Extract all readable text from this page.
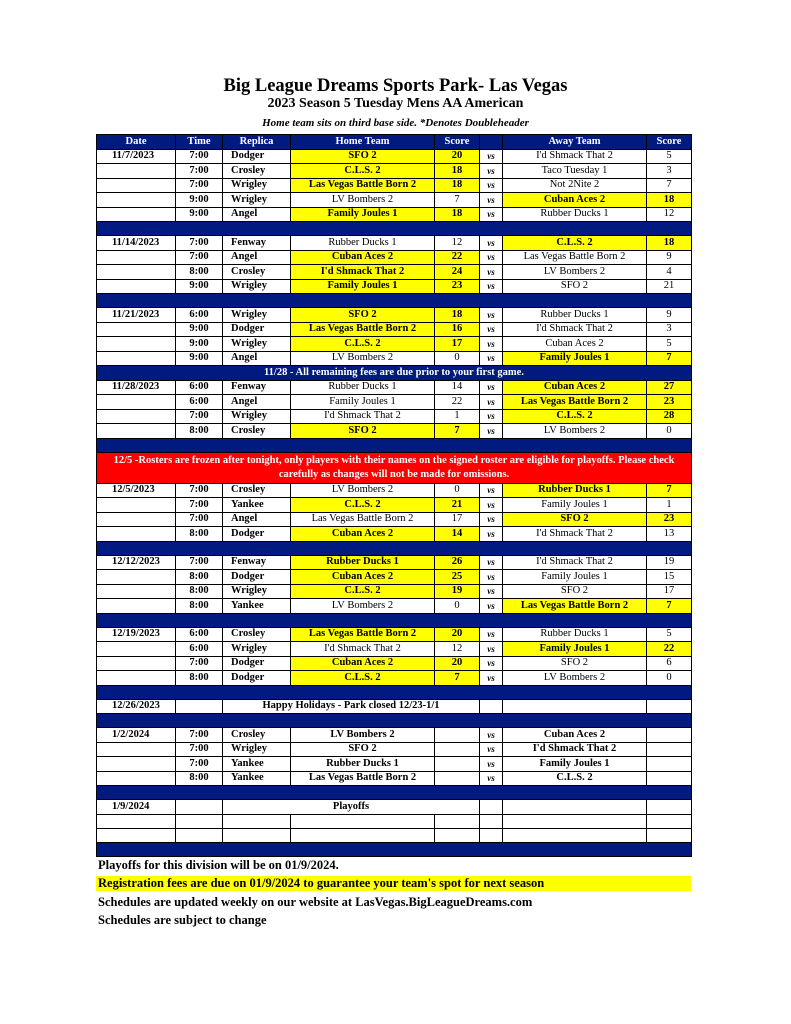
Big League Dreams Sports Park- Las Vegas
2023 Season 5 Tuesday Mens AA American
Home team sits on third base side. *Denotes Doubleheader
Date	Time	Replica	Home Team	Score		Away Team	Score
11/7/2023	7:00	Dodger	SFO 2	20	vs	I'd Shmack That 2	5
	7:00	Crosley	C.L.S. 2	18	vs	Taco Tuesday 1	3
	7:00	Wrigley	Las Vegas Battle Born 2	18	vs	Not 2Nite 2	7
	9:00	Wrigley	LV Bombers 2	7	vs	Cuban Aces 2	18
	9:00	Angel	Family Joules 1	18	vs	Rubber Ducks 1	12

11/14/2023	7:00	Fenway	Rubber Ducks 1	12	vs	C.L.S. 2	18
	7:00	Angel	Cuban Aces 2	22	vs	Las Vegas Battle Born 2	9
	8:00	Crosley	I'd Shmack That 2	24	vs	LV Bombers 2	4
	9:00	Wrigley	Family Joules 1	23	vs	SFO 2	21

11/21/2023	6:00	Wrigley	SFO 2	18	vs	Rubber Ducks 1	9
	9:00	Dodger	Las Vegas Battle Born 2	16	vs	I'd Shmack That 2	3
	9:00	Wrigley	C.L.S. 2	17	vs	Cuban Aces 2	5
	9:00	Angel	LV Bombers 2	0	vs	Family Joules 1	7
11/28 - All remaining fees are due prior to your first game.							
11/28/2023	6:00	Fenway	Rubber Ducks 1	14	vs	Cuban Aces 2	27
	6:00	Angel	Family Joules 1	22	vs	Las Vegas Battle Born 2	23
	7:00	Wrigley	I'd Shmack That 2	1	vs	C.L.S. 2	28
	8:00	Crosley	SFO 2	7	vs	LV Bombers 2	0

12/5 -Rosters are frozen after tonight, only players with their names on the signed roster are eligible for playoffs. Please check carefully as changes will not be made for omissions.							
12/5/2023	7:00	Crosley	LV Bombers 2	0	vs	Rubber Ducks 1	7
	7:00	Yankee	C.L.S. 2	21	vs	Family Joules 1	1
	7:00	Angel	Las Vegas Battle Born 2	17	vs	SFO 2	23
	8:00	Dodger	Cuban Aces 2	14	vs	I'd Shmack That 2	13

12/12/2023	7:00	Fenway	Rubber Ducks 1	26	vs	I'd Shmack That 2	19
	8:00	Dodger	Cuban Aces 2	25	vs	Family Joules 1	15
	8:00	Wrigley	C.L.S. 2	19	vs	SFO 2	17
	8:00	Yankee	LV Bombers 2	0	vs	Las Vegas Battle Born 2	7

12/19/2023	6:00	Crosley	Las Vegas Battle Born 2	20	vs	Rubber Ducks 1	5
	6:00	Wrigley	I'd Shmack That 2	12	vs	Family Joules 1	22
	7:00	Dodger	Cuban Aces 2	20	vs	SFO 2	6
	8:00	Dodger	C.L.S. 2	7	vs	LV Bombers 2	0

12/26/2023		Happy Holidays - Park closed 12/23-1/1					

1/2/2024	7:00	Crosley	LV Bombers 2		vs	Cuban Aces 2	
	7:00	Wrigley	SFO 2		vs	I'd Shmack That 2	
	7:00	Yankee	Rubber Ducks 1		vs	Family Joules 1	
	8:00	Yankee	Las Vegas Battle Born 2		vs	C.L.S. 2	

1/9/2024		Playoffs					

Playoffs for this division will be on 01/9/2024.
Registration fees are due on 01/9/2024 to guarantee your team's spot for next season
Schedules are updated weekly on our website at LasVegas.BigLeagueDreams.com
Schedules are subject to change
